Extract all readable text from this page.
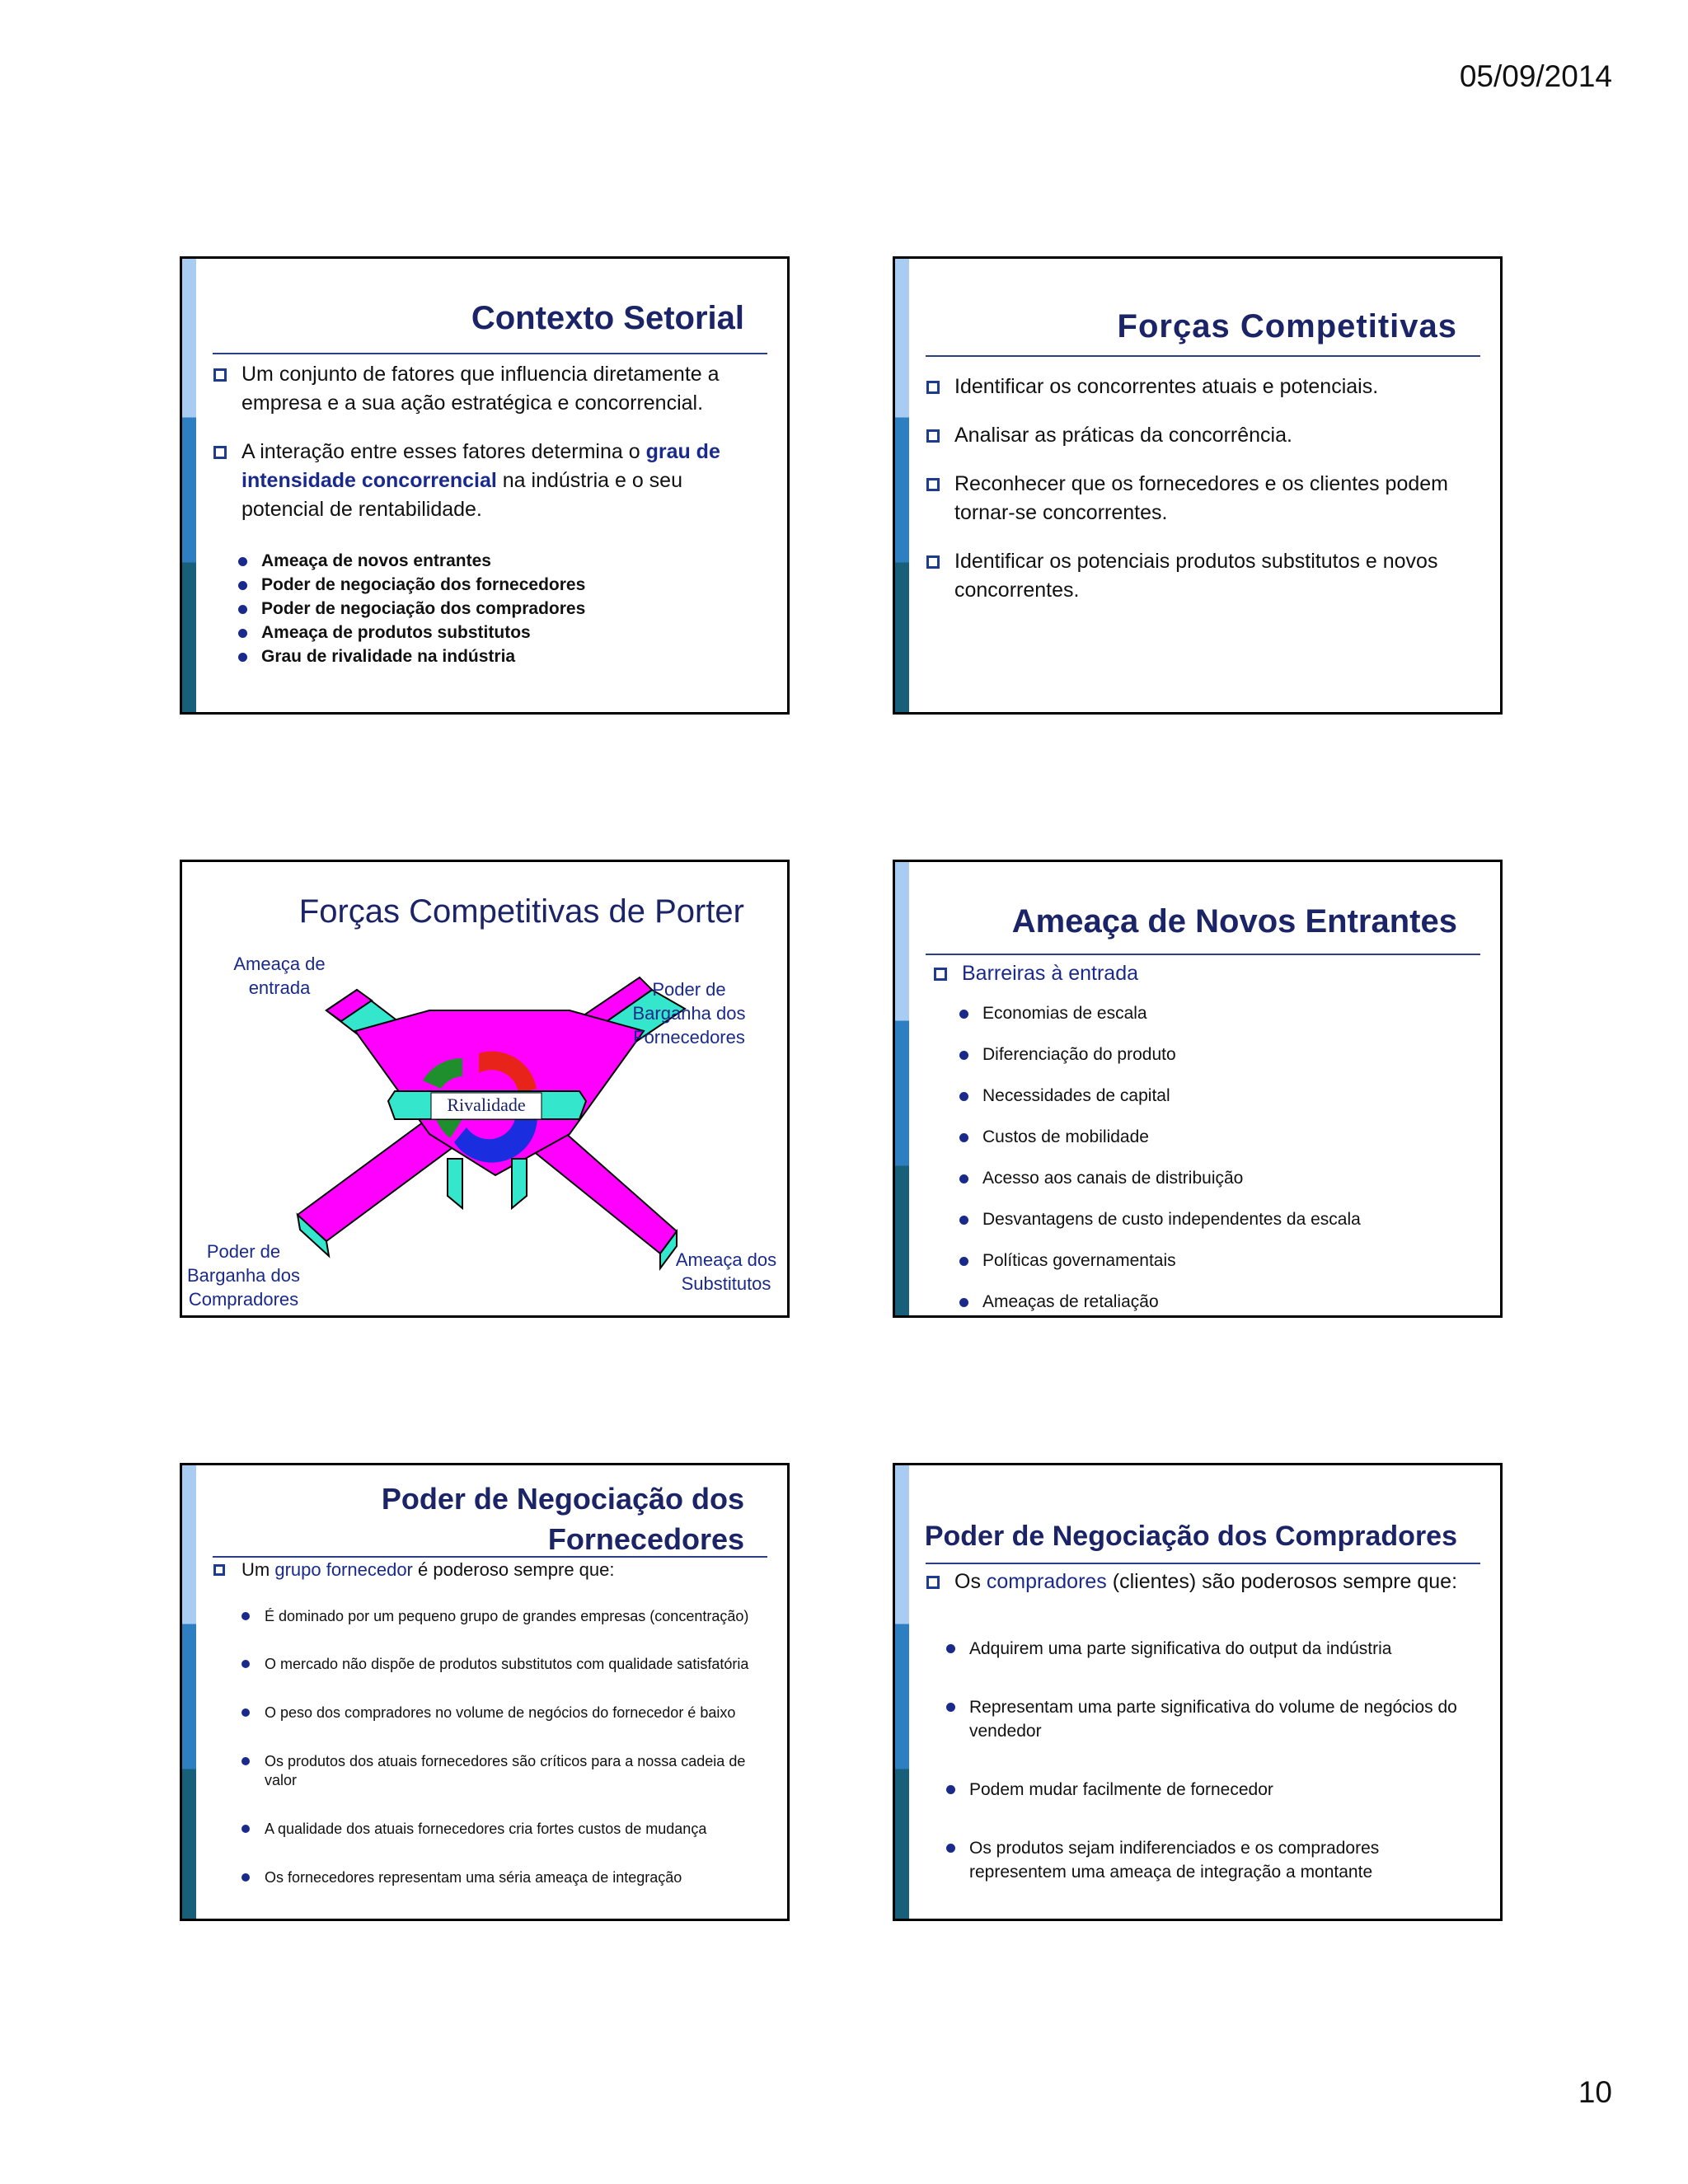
05/09/2014
Contexto Setorial
Um conjunto de fatores que influencia diretamente a empresa e a sua ação estratégica e concorrencial.
A interação entre esses fatores determina o grau de intensidade concorrencial na indústria e o seu potencial de rentabilidade.
Ameaça de novos entrantes
Poder de negociação dos fornecedores
Poder de negociação dos compradores
Ameaça de produtos substitutos
Grau de rivalidade na indústria
Forças Competitivas
Identificar os concorrentes atuais e potenciais.
Analisar as práticas da concorrência.
Reconhecer que os fornecedores e os clientes podem tornar-se concorrentes.
Identificar os potenciais produtos substitutos e novos concorrentes.
Forças Competitivas de Porter
Rivalidade
Ameaça de entrada	Poder de Barganha dos Fornecedores
Poder de Barganha dos Compradores
Ameaça dos Substitutos
Ameaça de Novos Entrantes
Barreiras à entrada
Economias de escala
Diferenciação do produto
Necessidades de capital
Custos de mobilidade
Acesso aos canais de distribuição
Desvantagens de custo independentes da escala
Políticas governamentais
Ameaças de retaliação
Poder de Negociação dos
Fornecedores
Um grupo fornecedor é poderoso sempre que:
É dominado por um pequeno grupo de grandes empresas (concentração)
O mercado não dispõe de produtos substitutos com qualidade satisfatória
O peso dos compradores no volume de negócios do fornecedor é baixo
Os produtos dos atuais fornecedores são críticos para a nossa cadeia de valor
A qualidade dos atuais fornecedores cria fortes custos de mudança
Os fornecedores representam uma séria ameaça de integração
Poder de Negociação dos Compradores
Os compradores (clientes) são poderosos sempre que:
Adquirem uma parte significativa do output da indústria
Representam uma parte significativa do volume de negócios do vendedor
Podem mudar facilmente de fornecedor
Os produtos sejam indiferenciados e os compradores representem uma ameaça de integração a montante
10
